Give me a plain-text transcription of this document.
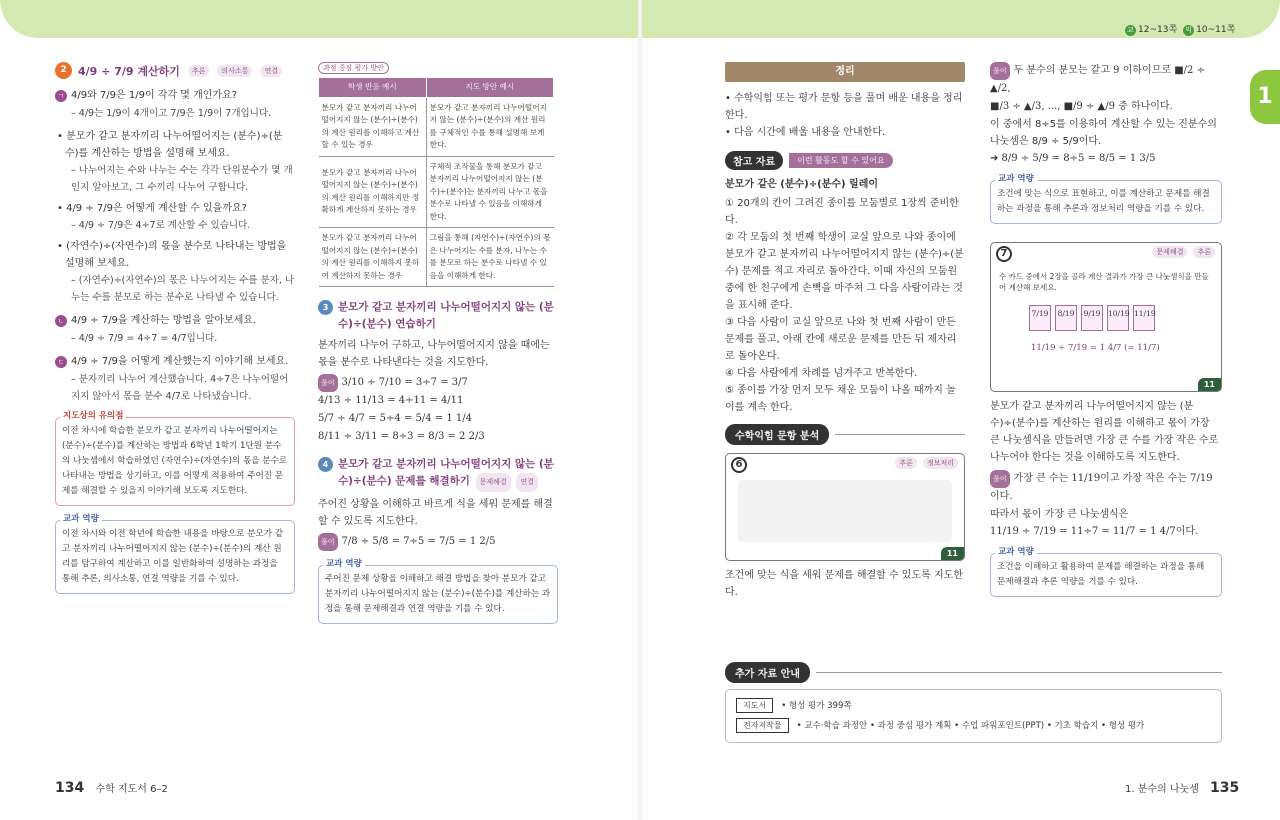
교 12~13쪽	익 10~11쪽
1
2	4/9 ÷ 7/9 계산하기	추론	의사소통	연결
ㄱ 4/9와 7/9은 1/9이 각각 몇 개인가요?
– 4/9는 1/9이 4개이고 7/9은 1/9이 7개입니다.
• 분모가 같고 분자끼리 나누어떨어지는 (분수)÷(분수)를 계산하는 방법을 설명해 보세요.
– 나누어지는 수와 나누는 수는 각각 단위분수가 몇 개인지 알아보고, 그 수끼리 나누어 구합니다.
• 4/9 ÷ 7/9은 어떻게 계산할 수 있을까요?
– 4/9 ÷ 7/9은 4÷7로 계산할 수 있습니다.
• (자연수)÷(자연수)의 몫을 분수로 나타내는 방법을 설명해 보세요.
– (자연수)÷(자연수)의 몫은 나누어지는 수를 분자, 나누는 수를 분모로 하는 분수로 나타낼 수 있습니다.
ㄴ 4/9 ÷ 7/9을 계산하는 방법을 알아보세요.
– 4/9 ÷ 7/9 = 4÷7 = 4/7입니다.
ㄷ 4/9 ÷ 7/9을 어떻게 계산했는지 이야기해 보세요.
– 분자끼리 나누어 계산했습니다. 4÷7은 나누어떨어지지 않아서 몫을 분수 4/7로 나타냈습니다.
지도상의 유의점
이전 차시에 학습한 분모가 같고 분자끼리 나누어떨어지는 (분수)÷(분수)를 계산하는 방법과 6학년 1학기 1단원 분수의 나눗셈에서 학습하였던 (자연수)÷(자연수)의 몫을 분수로 나타내는 방법을 상기하고, 이를 어떻게 적용하여 주어진 문제를 해결할 수 있을지 이야기해 보도록 지도한다.
교과 역량
이전 차시와 이전 학년에 학습한 내용을 바탕으로 분모가 같고 분자끼리 나누어떨어지지 않는 (분수)÷(분수)의 계산 원리를 탐구하여 계산하고 이를 일반화하여 설명하는 과정을 통해 추론, 의사소통, 연결 역량을 기를 수 있다.
과정 중심 평가 방안
학생 반응 예시	지도 방안 예시
분모가 같고 분자끼리 나누어떨어지지 않는 (분수)÷(분수)의 계산 원리를 이해하고 계산할 수 있는 경우	분모가 같고 분자끼리 나누어떨어지지 않는 (분수)÷(분수)의 계산 원리를 구체적인 수를 통해 설명해 보게 한다.
분모가 같고 분자끼리 나누어떨어지지 않는 (분수)÷(분수)의 계산 원리를 이해하지만 정확하게 계산하지 못하는 경우	구체적 조작물을 통해 분모가 같고 분자끼리 나누어떨어지지 않는 (분수)÷(분수)는 분자끼리 나누고 몫을 분수로 나타낼 수 있음을 이해하게 한다.
분모가 같고 분자끼리 나누어떨어지지 않는 (분수)÷(분수)의 계산 원리를 이해하지 못하여 계산하지 못하는 경우	그림을 통해 (자연수)÷(자연수)의 몫은 나누어지는 수를 분자, 나누는 수를 분모로 하는 분수로 나타낼 수 있음을 이해하게 한다.
3 분모가 같고 분자끼리 나누어떨어지지 않는 (분수)÷(분수) 연습하기
분자끼리 나누어 구하고, 나누어떨어지지 않을 때에는 몫을 분수로 나타낸다는 것을 지도한다.
풀이 3/10 ÷ 7/10 = 3÷7 = 3/7
4/13 ÷ 11/13 = 4÷11 = 4/11
5/7 ÷ 4/7 = 5÷4 = 5/4 = 1 1/4
8/11 ÷ 3/11 = 8÷3 = 8/3 = 2 2/3
4 분모가 같고 분자끼리 나누어떨어지지 않는 (분수)÷(분수) 문제를 해결하기 문제해결 연결
주어진 상황을 이해하고 바르게 식을 세워 문제를 해결할 수 있도록 지도한다.
풀이 7/8 ÷ 5/8 = 7÷5 = 7/5 = 1 2/5
교과 역량
주어진 문제 상황을 이해하고 해결 방법을 찾아 분모가 같고 분자끼리 나누어떨어지지 않는 (분수)÷(분수)를 계산하는 과정을 통해 문제해결과 연결 역량을 기를 수 있다.
정리
• 수학익힘 또는 평가 문항 등을 풀며 배운 내용을 정리한다.
• 다음 시간에 배울 내용을 안내한다.
참고 자료	이런 활동도 할 수 있어요
분모가 같은 (분수)÷(분수) 릴레이
① 20개의 칸이 그려진 종이를 모둠별로 1장씩 준비한다.
② 각 모둠의 첫 번째 학생이 교실 앞으로 나와 종이에 분모가 같고 분자끼리 나누어떨어지지 않는 (분수)÷(분수) 문제를 적고 자리로 돌아간다. 이때 자신의 모둠원 중에 한 친구에게 손뼉을 마주쳐 그 다음 사람이라는 것을 표시해 준다.
③ 다음 사람이 교실 앞으로 나와 첫 번째 사람이 만든 문제를 풀고, 아래 칸에 새로운 문제를 만든 뒤 제자리로 돌아온다.
④ 다음 사람에게 차례를 넘겨주고 반복한다.
⑤ 종이를 가장 먼저 모두 채운 모둠이 나올 때까지 놀이를 계속 한다.
수학익힘 문항 분석
6	추론	정보처리
11
조건에 맞는 식을 세워 문제를 해결할 수 있도록 지도한다.
풀이 두 분수의 분모는 같고 9 이하이므로 ■/2 ÷ ▲/2,
■/3 ÷ ▲/3, ..., ■/9 ÷ ▲/9 중 하나이다.
이 중에서 8÷5를 이용하여 계산할 수 있는 진분수의 나눗셈은 8/9 ÷ 5/9이다.
➜ 8/9 ÷ 5/9 = 8÷5 = 8/5 = 1 3/5
교과 역량
조건에 맞는 식으로 표현하고, 이를 계산하고 문제를 해결하는 과정을 통해 추론과 정보처리 역량을 기를 수 있다.
7	문제해결	추론
수 카드 중에서 2장을 골라 계산 결과가 가장 큰 나눗셈식을 만들어 계산해 보세요.
7/19 8/19 9/19 10/19 11/19
11/19 ÷ 7/19 = 1 4/7 (= 11/7)
11
분모가 같고 분자끼리 나누어떨어지지 않는 (분수)÷(분수)를 계산하는 원리를 이해하고 몫이 가장 큰 나눗셈식을 만들려면 가장 큰 수를 가장 작은 수로 나누어야 한다는 것을 이해하도록 지도한다.
풀이 가장 큰 수는 11/19이고 가장 작은 수는 7/19이다.
따라서 몫이 가장 큰 나눗셈식은
11/19 ÷ 7/19 = 11÷7 = 11/7 = 1 4/7이다.
교과 역량
조건을 이해하고 활용하여 문제를 해결하는 과정을 통해 문제해결과 추론 역량을 기를 수 있다.
추가 자료 안내
지도서 • 형성 평가 399쪽
전자저작물 • 교수·학습 과정안 • 과정 중심 평가 계획 • 수업 파워포인트(PPT) • 기초 학습지 • 형성 평가
134 수학 지도서 6–2	1. 분수의 나눗셈 135
